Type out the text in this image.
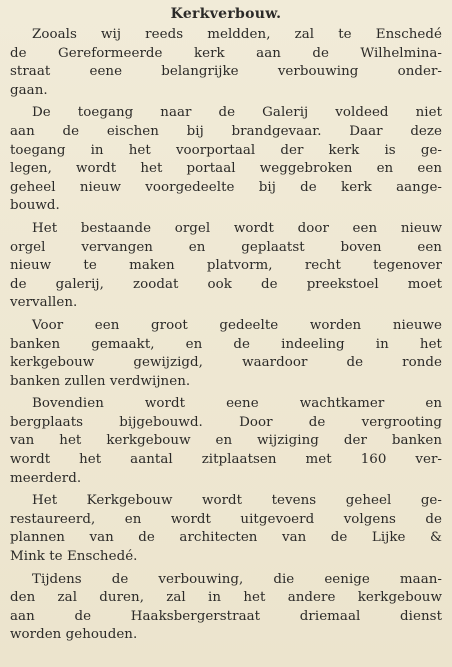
Kerkverbouw.
Zooals wij reeds meldden, zal te Enschedé
de Gereformeerde kerk aan de Wilhelmina-
straat eene belangrijke verbouwing onder-
gaan.
De toegang naar de Galerij voldeed niet
aan de eischen bij brandgevaar. Daar deze
toegang in het voorportaal der kerk is ge-
legen, wordt het portaal weggebroken en een
geheel nieuw voorgedeelte bij de kerk aange-
bouwd.
Het bestaande orgel wordt door een nieuw
orgel vervangen en geplaatst boven een
nieuw te maken platvorm, recht tegenover
de galerij, zoodat ook de preekstoel moet
vervallen.
Voor een groot gedeelte worden nieuwe
banken gemaakt, en de indeeling in het
kerkgebouw gewijzigd, waardoor de ronde
banken zullen verdwijnen.
Bovendien wordt eene wachtkamer en
bergplaats bijgebouwd. Door de vergrooting
van het kerkgebouw en wijziging der banken
wordt het aantal zitplaatsen met 160 ver-
meerderd.
Het Kerkgebouw wordt tevens geheel ge-
restaureerd, en wordt uitgevoerd volgens de
plannen van de architecten van de Lijke &
Mink te Enschedé.
Tijdens de verbouwing, die eenige maan-
den zal duren, zal in het andere kerkgebouw
aan de Haaksbergerstraat driemaal dienst
worden gehouden.
